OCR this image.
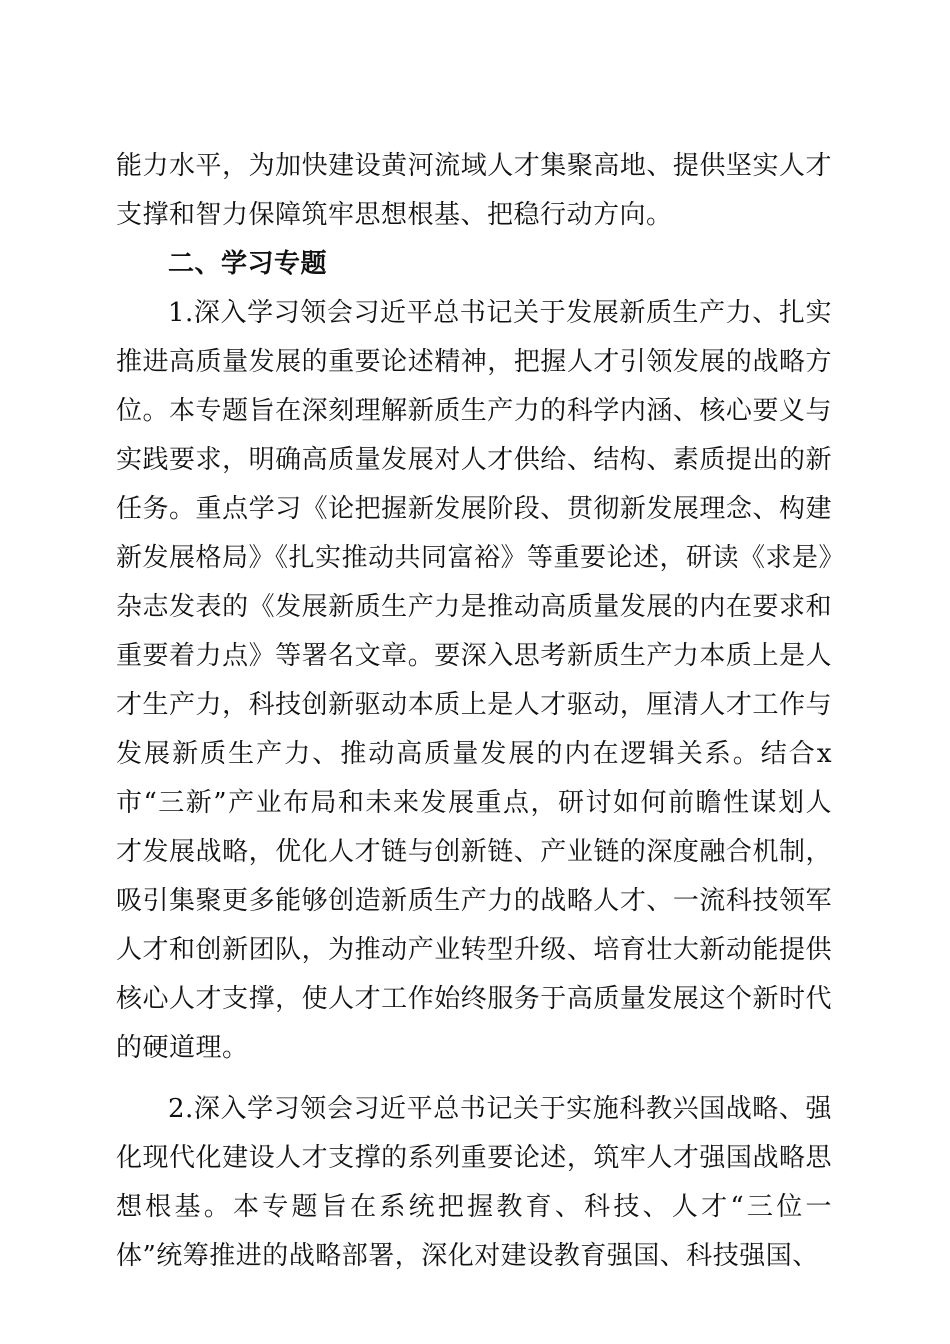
能力水平，为加快建设黄河流域人才集聚高地、提供坚实人才支撑和智力保障筑牢思想根基、把稳行动方向。

二、学习专题

1.深入学习领会习近平总书记关于发展新质生产力、扎实推进高质量发展的重要论述精神，把握人才引领发展的战略方位。本专题旨在深刻理解新质生产力的科学内涵、核心要义与实践要求，明确高质量发展对人才供给、结构、素质提出的新任务。重点学习《论把握新发展阶段、贯彻新发展理念、构建新发展格局》《扎实推动共同富裕》等重要论述，研读《求是》杂志发表的《发展新质生产力是推动高质量发展的内在要求和重要着力点》等署名文章。要深入思考新质生产力本质上是人才生产力，科技创新驱动本质上是人才驱动，厘清人才工作与发展新质生产力、推动高质量发展的内在逻辑关系。结合x市“三新”产业布局和未来发展重点，研讨如何前瞻性谋划人才发展战略，优化人才链与创新链、产业链的深度融合机制，吸引集聚更多能够创造新质生产力的战略人才、一流科技领军人才和创新团队，为推动产业转型升级、培育壮大新动能提供核心人才支撑，使人才工作始终服务于高质量发展这个新时代的硬道理。

2.深入学习领会习近平总书记关于实施科教兴国战略、强化现代化建设人才支撑的系列重要论述，筑牢人才强国战略思想根基。本专题旨在系统把握教育、科技、人才“三位一体”统筹推进的战略部署，深化对建设教育强国、科技强国、
